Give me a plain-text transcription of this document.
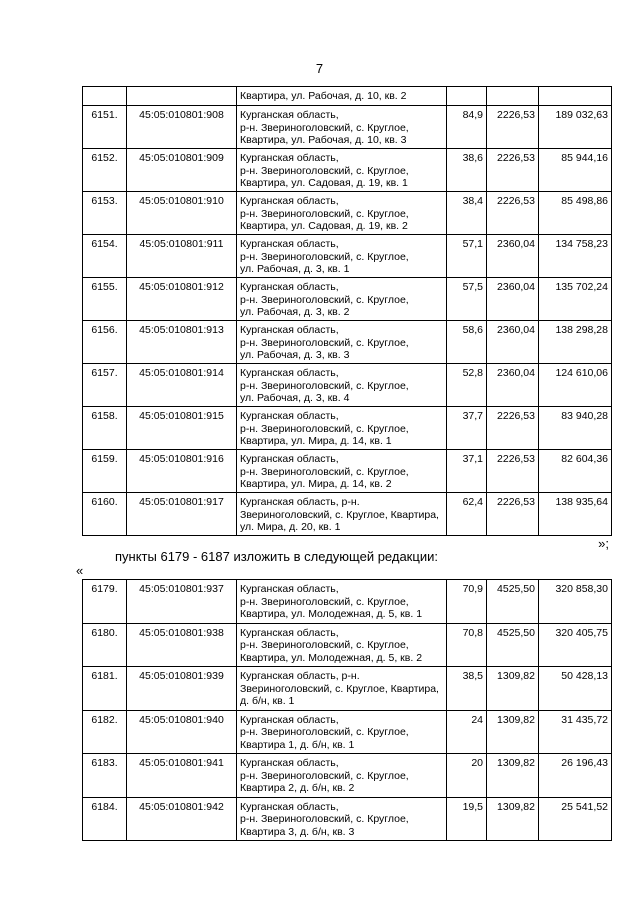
7

		Квартира, ул. Рабочая, д. 10, кв. 2			

6151.	45:05:010801:908	Курганская область,
р-н. Звериноголовский, с. Круглое,
Квартира, ул. Рабочая, д. 10, кв. 3	84,9	2226,53	189 032,63
6152.	45:05:010801:909	Курганская область,
р-н. Звериноголовский, с. Круглое,
Квартира, ул. Садовая, д. 19, кв. 1	38,6	2226,53	85 944,16
6153.	45:05:010801:910	Курганская область,
р-н. Звериноголовский, с. Круглое,
Квартира, ул. Садовая, д. 19, кв. 2	38,4	2226,53	85 498,86
6154.	45:05:010801:911	Курганская область,
р-н. Звериноголовский, с. Круглое,
ул. Рабочая, д. 3, кв. 1	57,1	2360,04	134 758,23
6155.	45:05:010801:912	Курганская область,
р-н. Звериноголовский, с. Круглое,
ул. Рабочая, д. 3, кв. 2	57,5	2360,04	135 702,24
6156.	45:05:010801:913	Курганская область,
р-н. Звериноголовский, с. Круглое,
ул. Рабочая, д. 3, кв. 3	58,6	2360,04	138 298,28
6157.	45:05:010801:914	Курганская область,
р-н. Звериноголовский, с. Круглое,
ул. Рабочая, д. 3, кв. 4	52,8	2360,04	124 610,06
6158.	45:05:010801:915	Курганская область,
р-н. Звериноголовский, с. Круглое,
Квартира, ул. Мира, д. 14, кв. 1	37,7	2226,53	83 940,28
6159.	45:05:010801:916	Курганская область,
р-н. Звериноголовский, с. Круглое,
Квартира, ул. Мира, д. 14, кв. 2	37,1	2226,53	82 604,36
6160.	45:05:010801:917	Курганская область, р-н.
Звериноголовский, с. Круглое, Квартира,
ул. Мира, д. 20, кв. 1	62,4	2226,53	138 935,64
»;
пункты 6179 - 6187 изложить в следующей редакции:
«
6179.	45:05:010801:937	Курганская область,
р-н. Звериноголовский, с. Круглое,
Квартира, ул. Молодежная, д. 5, кв. 1	70,9	4525,50	320 858,30
6180.	45:05:010801:938	Курганская область,
р-н. Звериноголовский, с. Круглое,
Квартира, ул. Молодежная, д. 5, кв. 2	70,8	4525,50	320 405,75
6181.	45:05:010801:939	Курганская область, р-н.
Звериноголовский, с. Круглое, Квартира,
д. б/н, кв. 1	38,5	1309,82	50 428,13
6182.	45:05:010801:940	Курганская область,
р-н. Звериноголовский, с. Круглое,
Квартира 1, д. б/н, кв. 1	24	1309,82	31 435,72
6183.	45:05:010801:941	Курганская область,
р-н. Звериноголовский, с. Круглое,
Квартира 2, д. б/н, кв. 2	20	1309,82	26 196,43
6184.	45:05:010801:942	Курганская область,
р-н. Звериноголовский, с. Круглое,
Квартира 3, д. б/н, кв. 3	19,5	1309,82	25 541,52
